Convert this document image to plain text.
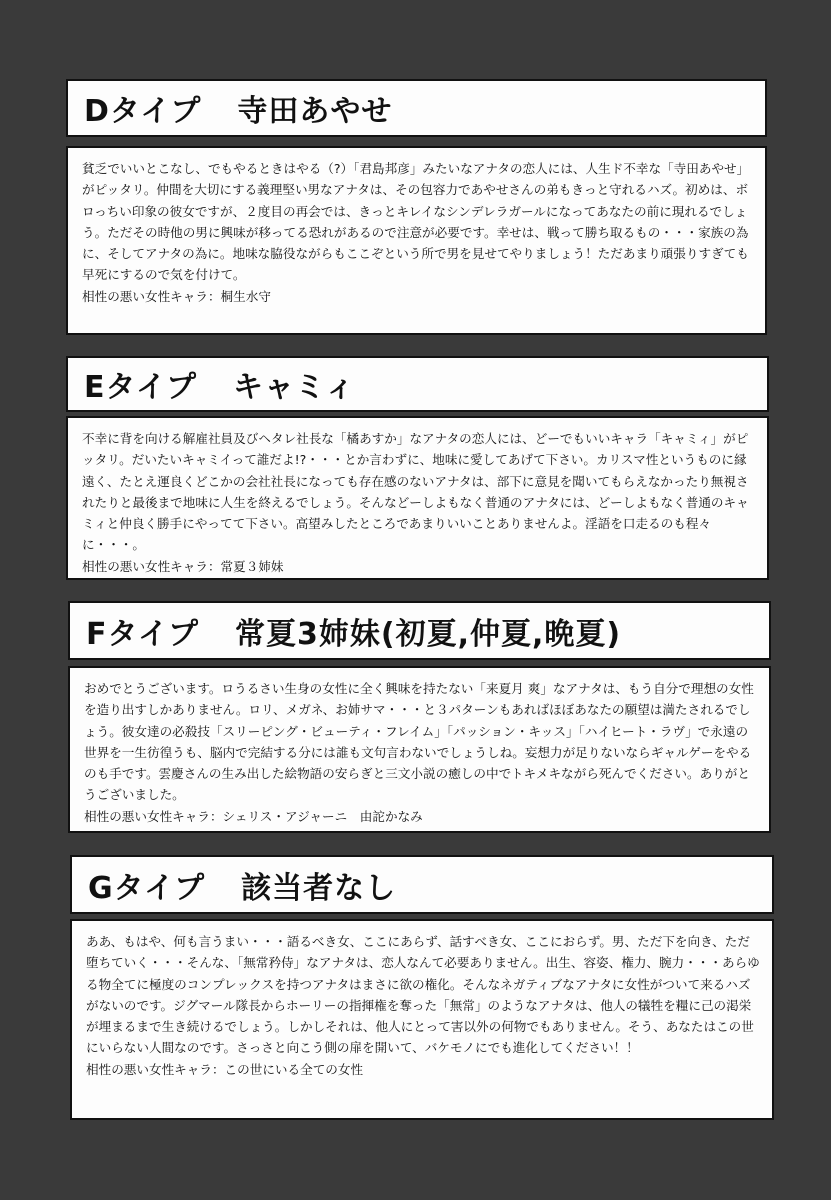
Dタイプ 寺田あやせ

貧乏でいいとこなし、でもやるときはやる（?）「君島邦彦」みたいなアナタの恋人には、人生ド不幸な「寺田あやせ」がピッタリ。仲間を大切にする義理堅い男なアナタは、その包容力であやせさんの弟もきっと守れるハズ。初めは、ボロっちい印象の彼女ですが、２度目の再会では、きっとキレイなシンデレラガールになってあなたの前に現れるでしょう。ただその時他の男に興味が移ってる恐れがあるので注意が必要です。幸せは、戦って勝ち取るもの・・・家族の為に、そしてアナタの為に。地味な脇役ながらもここぞという所で男を見せてやりましょう！ただあまり頑張りすぎても早死にするので気を付けて。

相性の悪い女性キャラ：桐生水守

Eタイプ キャミィ

不幸に背を向ける解雇社員及びヘタレ社長な「橘あすか」なアナタの恋人には、どーでもいいキャラ「キャミィ」がピッタリ。だいたいキャミイって誰だよ!?・・・とか言わずに、地味に愛してあげて下さい。カリスマ性というものに縁遠く、たとえ運良くどこかの会社社長になっても存在感のないアナタは、部下に意見を聞いてもらえなかったり無視されたりと最後まで地味に人生を終えるでしょう。そんなどーしよもなく普通のアナタには、どーしよもなく普通のキャミィと仲良く勝手にやってて下さい。高望みしたところであまりいいことありませんよ。淫語を口走るのも程々に・・・。

相性の悪い女性キャラ：常夏３姉妹

Fタイプ 常夏3姉妹(初夏,仲夏,晩夏)

おめでとうございます。ロうるさい生身の女性に全く興味を持たない「来夏月 爽」なアナタは、もう自分で理想の女性を造り出すしかありません。ロリ、メガネ、お姉サマ・・・と３パターンもあればほぼあなたの願望は満たされるでしょう。彼女達の必殺技「スリーピング・ビューティ・フレイム」「パッション・キッス」「ハイヒート・ラヴ」で永遠の世界を一生彷徨うも、脳内で完結する分には誰も文句言わないでしょうしね。妄想力が足りないならギャルゲーをやるのも手です。雲慶さんの生み出した絵物語の安らぎと三文小説の癒しの中でトキメキながら死んでください。ありがとうございました。

相性の悪い女性キャラ：シェリス・アジャーニ　由詑かなみ

Gタイプ 該当者なし

ああ、もはや、何も言うまい・・・語るべき女、ここにあらず、話すべき女、ここにおらず。男、ただ下を向き、ただ堕ちていく・・・そんな、「無常矜侍」なアナタは、恋人なんて必要ありません。出生、容姿、権力、腕力・・・あらゆる物全てに極度のコンプレックスを持つアナタはまさに欲の権化。そんなネガティブなアナタに女性がついて来るハズがないのです。ジグマール隊長からホーリーの指揮権を奪った「無常」のようなアナタは、他人の犠牲を糧に己の渇栄が埋まるまで生き続けるでしょう。しかしそれは、他人にとって害以外の何物でもありません。そう、あなたはこの世にいらない人間なのです。さっさと向こう側の扉を開いて、バケモノにでも進化してください！！

相性の悪い女性キャラ：この世にいる全ての女性
